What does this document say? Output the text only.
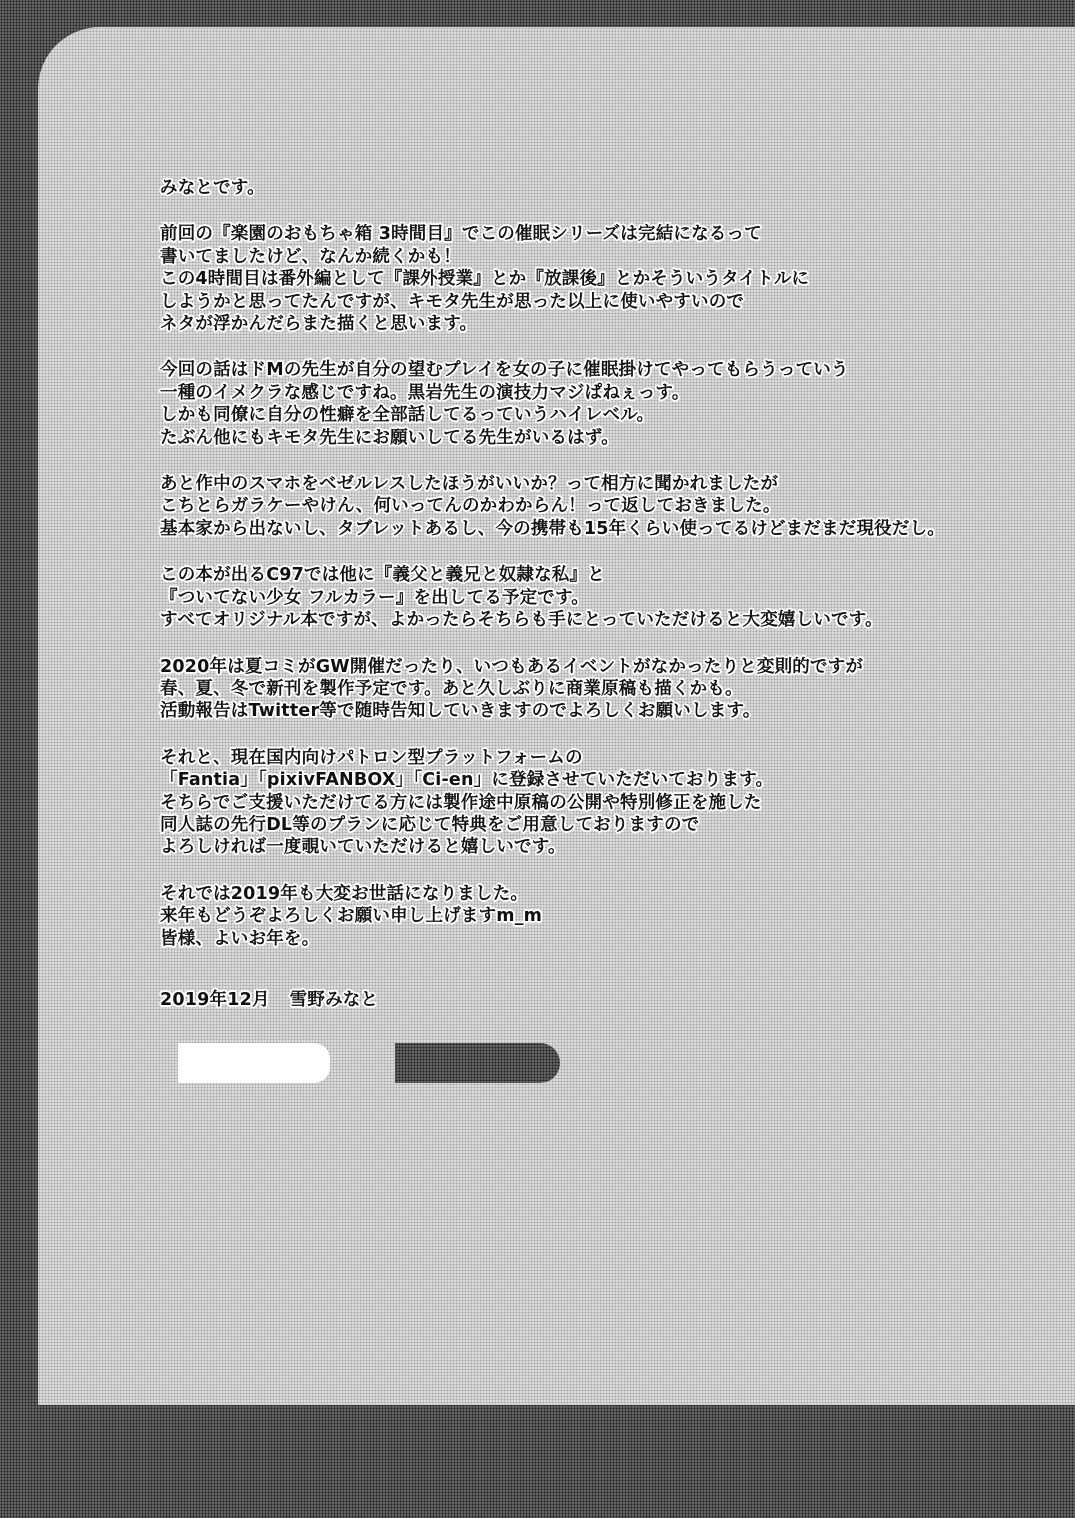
みなとです。
前回の『楽園のおもちゃ箱 3時間目』でこの催眠シリーズは完結になるって
書いてましたけど、なんか続くかも！
この4時間目は番外編として『課外授業』とか『放課後』とかそういうタイトルに
しようかと思ってたんですが、キモタ先生が思った以上に使いやすいので
ネタが浮かんだらまた描くと思います。
今回の話はドMの先生が自分の望むプレイを女の子に催眠掛けてやってもらうっていう
一種のイメクラな感じですね。黒岩先生の演技力マジぱねぇっす。
しかも同僚に自分の性癖を全部話してるっていうハイレベル。
たぶん他にもキモタ先生にお願いしてる先生がいるはず。
あと作中のスマホをベゼルレスしたほうがいいか？って相方に聞かれましたが
こちとらガラケーやけん、何いってんのかわからん！って返しておきました。
基本家から出ないし、タブレットあるし、今の携帯も15年くらい使ってるけどまだまだ現役だし。
この本が出るC97では他に『義父と義兄と奴隷な私』と
『ついてない少女 フルカラー』を出してる予定です。
すべてオリジナル本ですが、よかったらそちらも手にとっていただけると大変嬉しいです。
2020年は夏コミがGW開催だったり、いつもあるイベントがなかったりと変則的ですが
春、夏、冬で新刊を製作予定です。あと久しぶりに商業原稿も描くかも。
活動報告はTwitter等で随時告知していきますのでよろしくお願いします。
それと、現在国内向けパトロン型プラットフォームの
「Fantia」「pixivFANBOX」「Ci-en」に登録させていただいております。
そちらでご支援いただけてる方には製作途中原稿の公開や特別修正を施した
同人誌の先行DL等のプランに応じて特典をご用意しておりますので
よろしければ一度覗いていただけると嬉しいです。
それでは2019年も大変お世話になりました。
来年もどうぞよろしくお願い申し上げますm_m
皆様、よいお年を。
2019年12月 雪野みなと
